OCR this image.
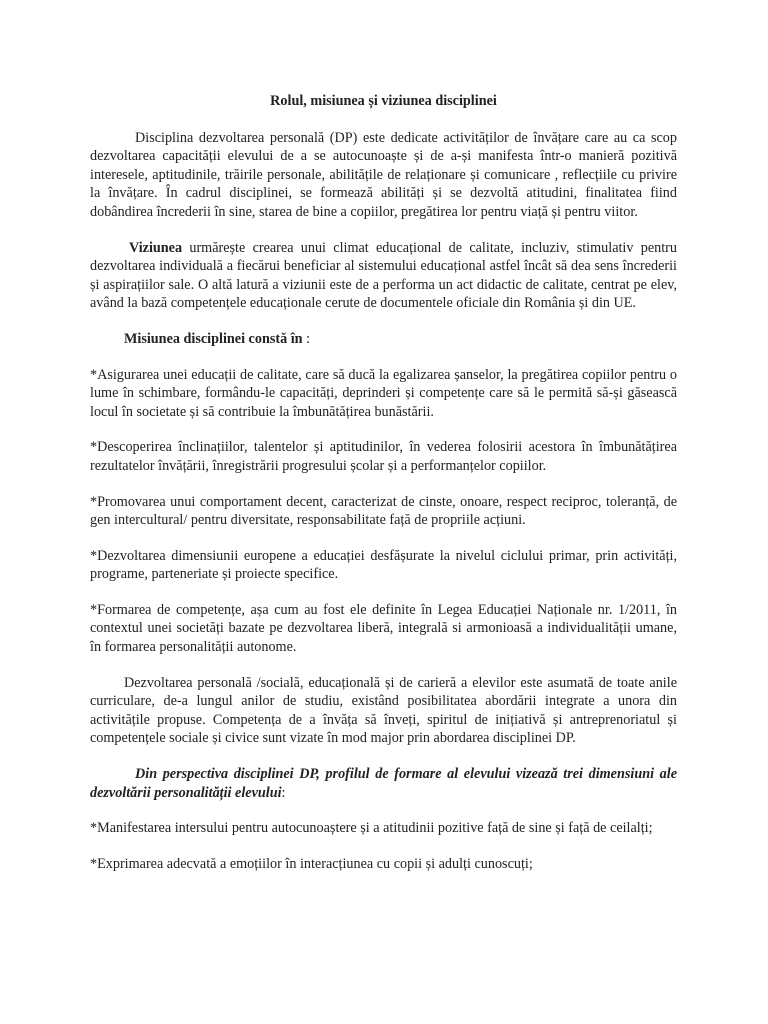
Rolul, misiunea și viziunea disciplinei

Disciplina dezvoltarea personală (DP) este dedicate activităților de învățare care au ca scop dezvoltarea capacității elevului de a se autocunoaște și de a-și manifesta într-o manieră pozitivă interesele, aptitudinile, trăirile personale, abilitățile de relaționare și comunicare , reflecțiile cu privire la învățare. În cadrul disciplinei, se formează abilități și se dezvoltă atitudini, finalitatea fiind dobândirea încrederii în sine, starea de bine a copiilor, pregătirea lor pentru viață și pentru viitor.

Viziunea urmărește crearea unui climat educațional de calitate, incluziv, stimulativ pentru dezvoltarea individuală a fiecărui beneficiar al sistemului educațional astfel încât să dea sens încrederii și aspirațiilor sale. O altă latură a viziunii este de a performa un act didactic de calitate, centrat pe elev, având la bază competențele educaționale cerute de documentele oficiale din România și din UE.

Misiunea disciplinei constă în :

*Asigurarea unei educații de calitate, care să ducă la egalizarea șanselor, la pregătirea copiilor pentru o lume în schimbare, formându-le capacități, deprinderi și competențe care să le permită să-și găsească locul în societate și să contribuie la îmbunătățirea bunăstării.

*Descoperirea înclinațiilor, talentelor și aptitudinilor, în vederea folosirii acestora în îmbunătățirea rezultatelor învățării, înregistrării progresului școlar și a performanțelor copiilor.

*Promovarea unui comportament decent, caracterizat de cinste, onoare, respect reciproc, toleranță, de gen intercultural/ pentru diversitate, responsabilitate față de propriile acțiuni.

*Dezvoltarea dimensiunii europene a educației desfășurate la nivelul ciclului primar, prin activități, programe, parteneriate și proiecte specifice.

*Formarea de competențe, așa cum au fost ele definite în Legea Educației Naționale nr. 1/2011, în contextul unei societăți bazate pe dezvoltarea liberă, integrală si armonioasă a individualității umane, în formarea personalității autonome.

Dezvoltarea personală /socială, educațională și de carieră a elevilor este asumată de toate anile curriculare, de-a lungul anilor de studiu, existând posibilitatea abordării integrate a unora din activitățile propuse. Competența de a învăța să înveți, spiritul de inițiativă și antreprenoriatul și competențele sociale și civice sunt vizate în mod major prin abordarea disciplinei DP.

Din perspectiva disciplinei DP, profilul de formare al elevului vizează trei dimensiuni ale dezvoltării personalității elevului:

*Manifestarea intersului pentru autocunoaștere și a atitudinii pozitive față de sine și față de ceilalți;

*Exprimarea adecvată a emoțiilor în interacțiunea cu copii și adulți cunoscuți;
